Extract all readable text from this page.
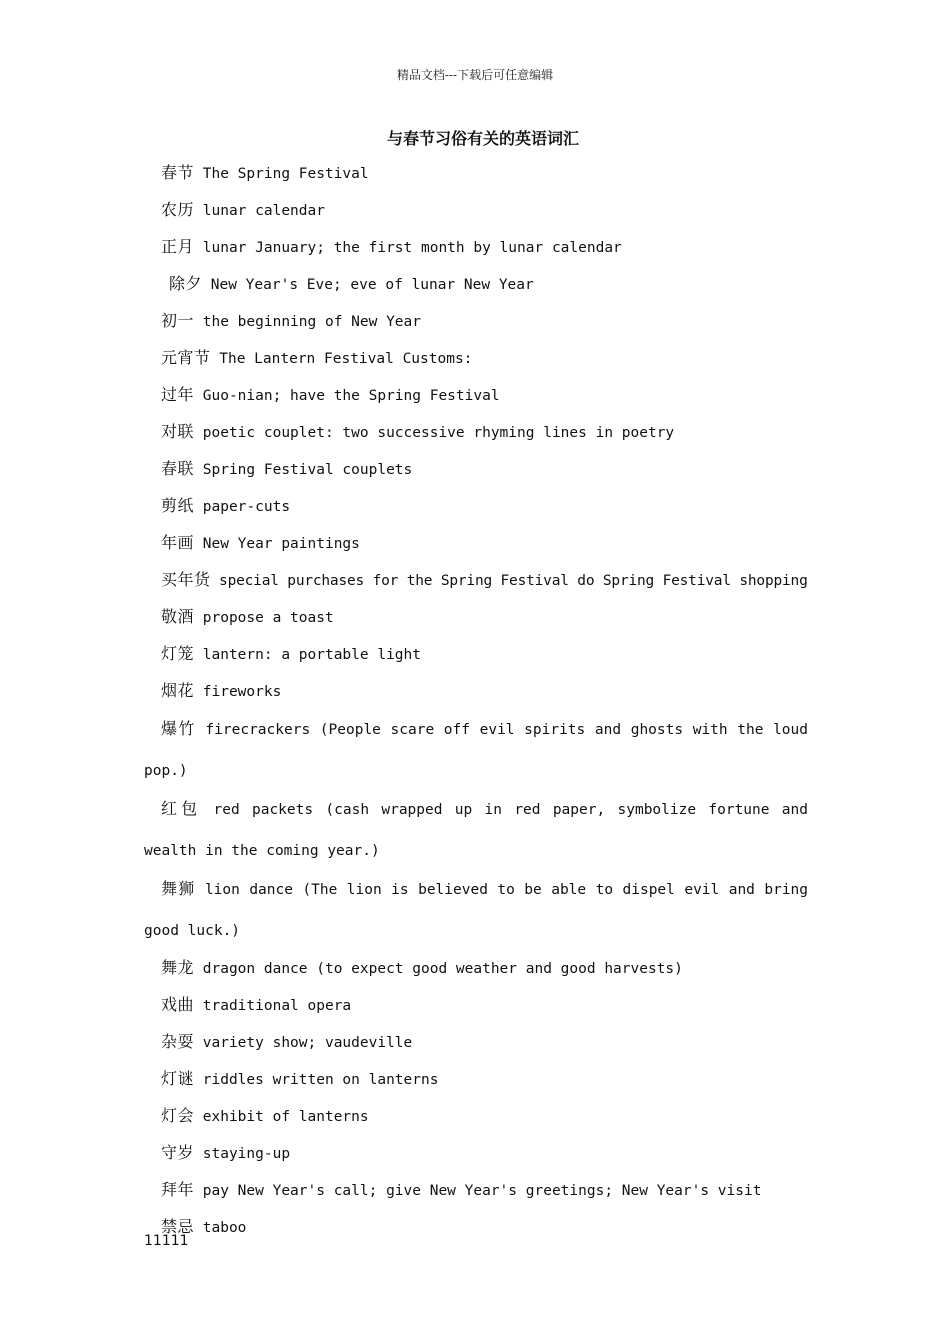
精品文档---下载后可任意编辑
与春节习俗有关的英语词汇

春节 The Spring Festival

农历 lunar calendar

正月 lunar January; the first month by lunar calendar

除夕 New Year's Eve; eve of lunar New Year

初一 the beginning of New Year

元宵节 The Lantern Festival Customs:

过年 Guo-nian; have the Spring Festival

对联 poetic couplet: two successive rhyming lines in poetry

春联 Spring Festival couplets

剪纸 paper-cuts

年画 New Year paintings

买年货 special purchases for the Spring Festival do Spring Festival shopping

敬酒 propose a toast

灯笼 lantern: a portable light

烟花 fireworks

爆竹 firecrackers (People scare off evil spirits and ghosts with the loud pop.)

红包 red packets (cash wrapped up in red paper, symbolize fortune and wealth in the coming year.)

舞狮 lion dance (The lion is believed to be able to dispel evil and bring good luck.)

舞龙 dragon dance (to expect good weather and good harvests)

戏曲 traditional opera

杂耍 variety show; vaudeville

灯谜 riddles written on lanterns

灯会 exhibit of lanterns

守岁 staying-up

拜年 pay New Year's call; give New Year's greetings; New Year's visit

禁忌 taboo

11111
